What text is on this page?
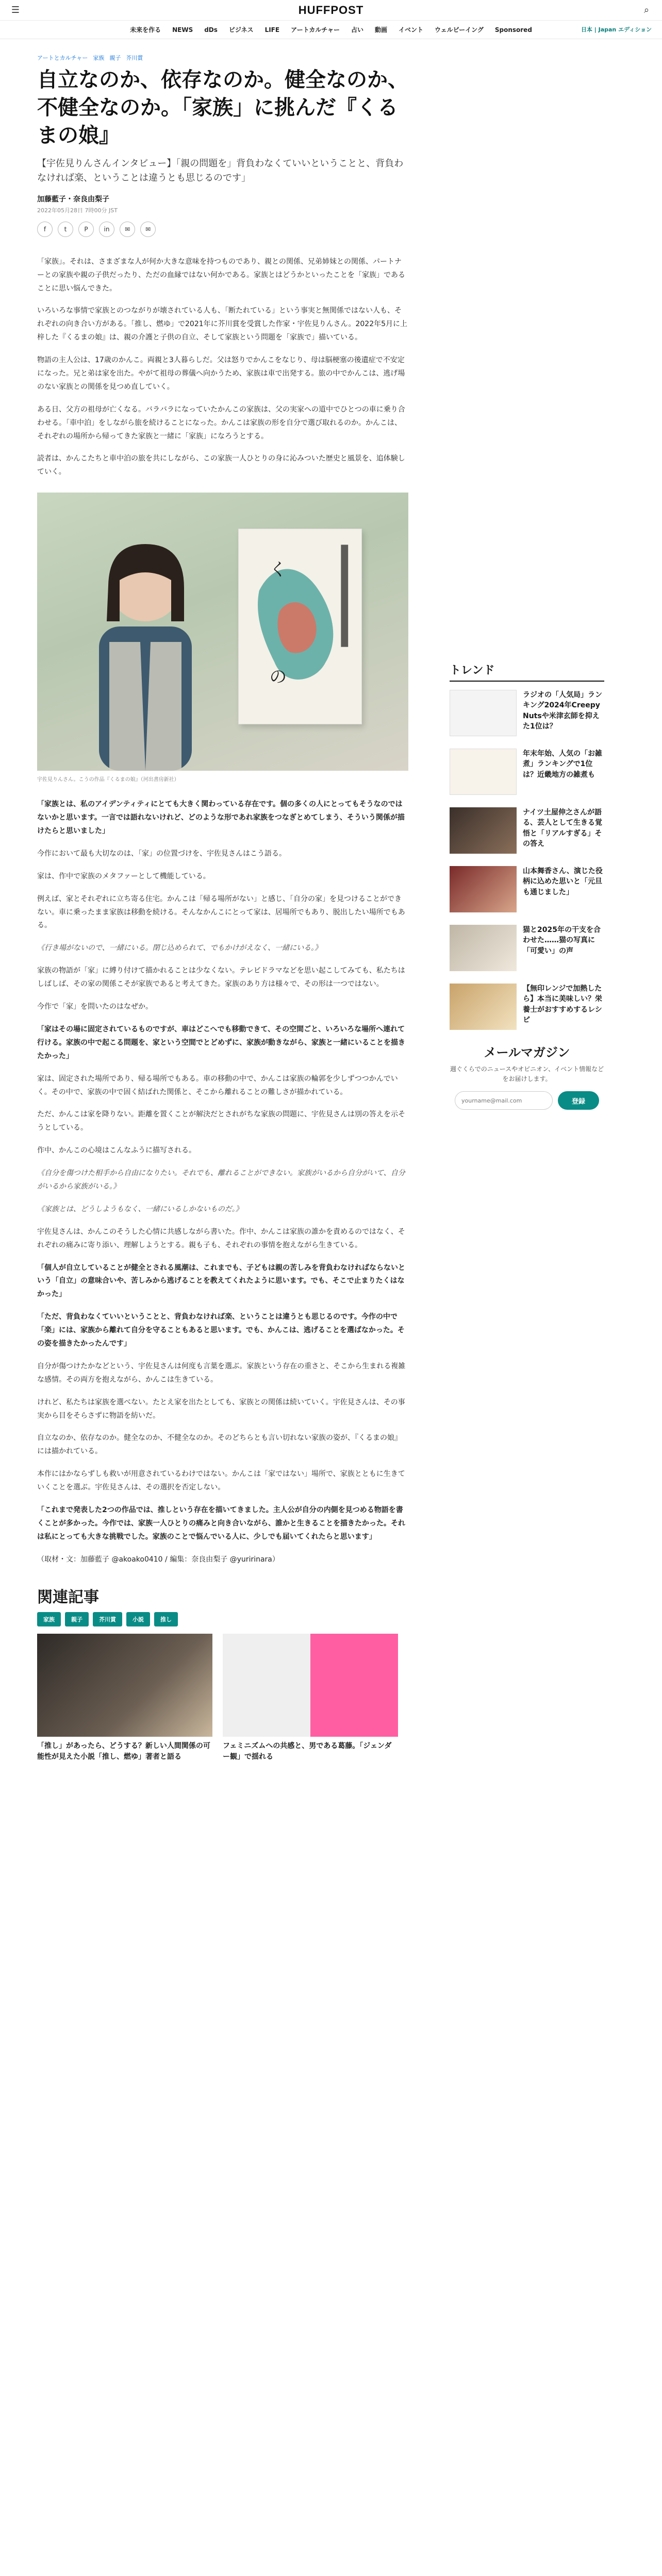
☰	HUFFPOST	⌕
未来を作る NEWS dDs ビジネス LIFE アートカルチャー 占い 動画 イベント ウェルビーイング Sponsored	日本 | Japan エディション
アートとカルチャー 家族 親子 芥川賞
自立なのか、依存なのか。健全なのか、不健全なのか。「家族」に挑んだ『くるまの娘』

【宇佐見りんさんインタビュー】「親の問題を」背負わなくていいということと、背負わなければ楽、ということは違うとも思じるのです」

加藤藍子・奈良由梨子
2022年05月28日 7時00分 JST
f	t	P	in	✉	✉

「家族」。それは、さまざまな人が何か大きな意味を持つものであり、親との関係、兄弟姉妹との関係、パートナーとの家族や親の子供だったり、ただの血縁ではない何かである。家族とはどうかといったことを「家族」であることに思い悩んできた。

いろいろな事情で家族とのつながりが壊されている人も、「断たれている」という事実と無関係ではない人も、それぞれの向き合い方がある。「推し、燃ゆ」で2021年に芥川賞を受賞した作家・宇佐見りんさん。2022年5月に上梓した『くるまの娘』は、親の介護と子供の自立、そして家族という問題を「家族で」描いている。

物語の主人公は、17歳のかんこ。両親と3人暮らしだ。父は怒りでかんこをなじり、母は脳梗塞の後遺症で不安定になった。兄と弟は家を出た。やがて祖母の葬儀へ向かうため、家族は車で出発する。旅の中でかんこは、逃げ場のない家族との関係を見つめ直していく。

ある日、父方の祖母が亡くなる。バラバラになっていたかんこの家族は、父の実家への道中でひとつの車に乗り合わせる。「車中泊」をしながら旅を続けることになった。かんこは家族の形を自分で選び取れるのか。かんこは、それぞれの場所から帰ってきた家族と一緒に「家族」になろうとする。

読者は、かんこたちと車中泊の旅を共にしながら、この家族一人ひとりの身に沁みついた歴史と風景を、追体験していく。

く
の
宇佐見りんさん。こうの作品『くるまの娘』（河出書房新社）

「家族とは、私のアイデンティティにとても大きく関わっている存在です。個の多くの人にとってもそうなのではないかと思います。一言では語れないけれど、どのような形であれ家族をつなぎとめてしまう、そういう関係が描けたらと思いました」

今作において最も大切なのは、「家」の位置づけを、宇佐見さんはこう語る。

家は、作中で家族のメタファーとして機能している。

例えば、家とそれぞれに立ち寄る住宅。かんこは「帰る場所がない」と感じ、「自分の家」を見つけることができない。車に乗ったまま家族は移動を続ける。そんなかんこにとって家は、居場所でもあり、脱出したい場所でもある。

《行き場がないので、一緒にいる。閉じ込められて、でもかけがえなく、一緒にいる。》

家族の物語が「家」に縛り付けて描かれることは少なくない。テレビドラマなどを思い起こしてみても、私たちはしばしば、その家の関係こそが家族であると考えてきた。家族のあり方は様々で、その形は一つではない。

今作で「家」を問いたのはなぜか。

「家はその場に固定されているものですが、車はどこへでも移動できて、その空間ごと、いろいろな場所へ連れて行ける。家族の中で起こる問題を、家という空間でとどめずに、家族が動きながら、家族と一緒にいることを描きたかった」

家は、固定された場所であり、帰る場所でもある。車の移動の中で、かんこは家族の輪郭を少しずつつかんでいく。その中で、家族の中で固く結ばれた関係と、そこから離れることの難しさが描かれている。

ただ、かんこは家を降りない。距離を置くことが解決だとされがちな家族の問題に、宇佐見さんは別の答えを示そうとしている。

作中、かんこの心境はこんなふうに描写される。

《自分を傷つけた相手から自由になりたい。それでも、離れることができない。家族がいるから自分がいて、自分がいるから家族がいる。》

《家族とは、どうしようもなく、一緒にいるしかないものだ。》

宇佐見さんは、かんこのそうした心情に共感しながら書いた。作中、かんこは家族の誰かを責めるのではなく、それぞれの痛みに寄り添い、理解しようとする。親も子も、それぞれの事情を抱えながら生きている。

「個人が自立していることが健全とされる風潮は、これまでも、子どもは親の苦しみを背負わなければならないという「自立」の意味合いや、苦しみから逃げることを教えてくれたように思います。でも、そこで止まりたくはなかった」

「ただ、背負わなくていいということと、背負わなければ楽、ということは違うとも思じるのです。今作の中で「楽」には、家族から離れて自分を守ることもあると思います。でも、かんこは、逃げることを選ばなかった。その姿を描きたかったんです」

自分が傷つけたかなどという、宇佐見さんは何度も言葉を選ぶ。家族という存在の重さと、そこから生まれる複雑な感情。その両方を抱えながら、かんこは生きている。

けれど、私たちは家族を選べない。たとえ家を出たとしても、家族との関係は続いていく。宇佐見さんは、その事実から目をそらさずに物語を紡いだ。

自立なのか、依存なのか。健全なのか、不健全なのか。そのどちらとも言い切れない家族の姿が、『くるまの娘』には描かれている。

本作にはかならずしも救いが用意されているわけではない。かんこは「家ではない」場所で、家族とともに生きていくことを選ぶ。宇佐見さんは、その選択を否定しない。

「これまで発表した2つの作品では、推しという存在を描いてきました。主人公が自分の内側を見つめる物語を書くことが多かった。今作では、家族一人ひとりの痛みと向き合いながら、誰かと生きることを描きたかった。それは私にとっても大きな挑戦でした。家族のことで悩んでいる人に、少しでも届いてくれたらと思います」

（取材・文：加藤藍子 @akoako0410 / 編集：奈良由梨子 @yuririnara）

関連記事
家族	親子	芥川賞	小説	推し
「推し」があったら、どうする？新しい人間関係の可能性が見えた小説「推し、燃ゆ」著者と語る
フェミニズムへの共感と、男である葛藤。「ジェンダー観」で揺れる
トレンド
ラジオの「人気局」ランキング2024年Creepy Nutsや米津玄師を抑えた1位は？
年末年始、人気の「お雑煮」ランキングで1位は？近畿地方の雑煮も
ナイツ土屋伸之さんが語る、芸人として生きる覚悟と「リアルすぎる」その答え
山本舞香さん、演じた役柄に込めた思いと「元旦も通じました」
猫と2025年の干支を合わせた……猫の写真に「可愛い」の声
【無印レンジで加熱したら】本当に美味しい？栄養士がおすすめするレシピ
メールマガジン

週ぐくらでのニュースやオピニオン、イベント情報などをお届けします。

yourname@mail.com
登録
